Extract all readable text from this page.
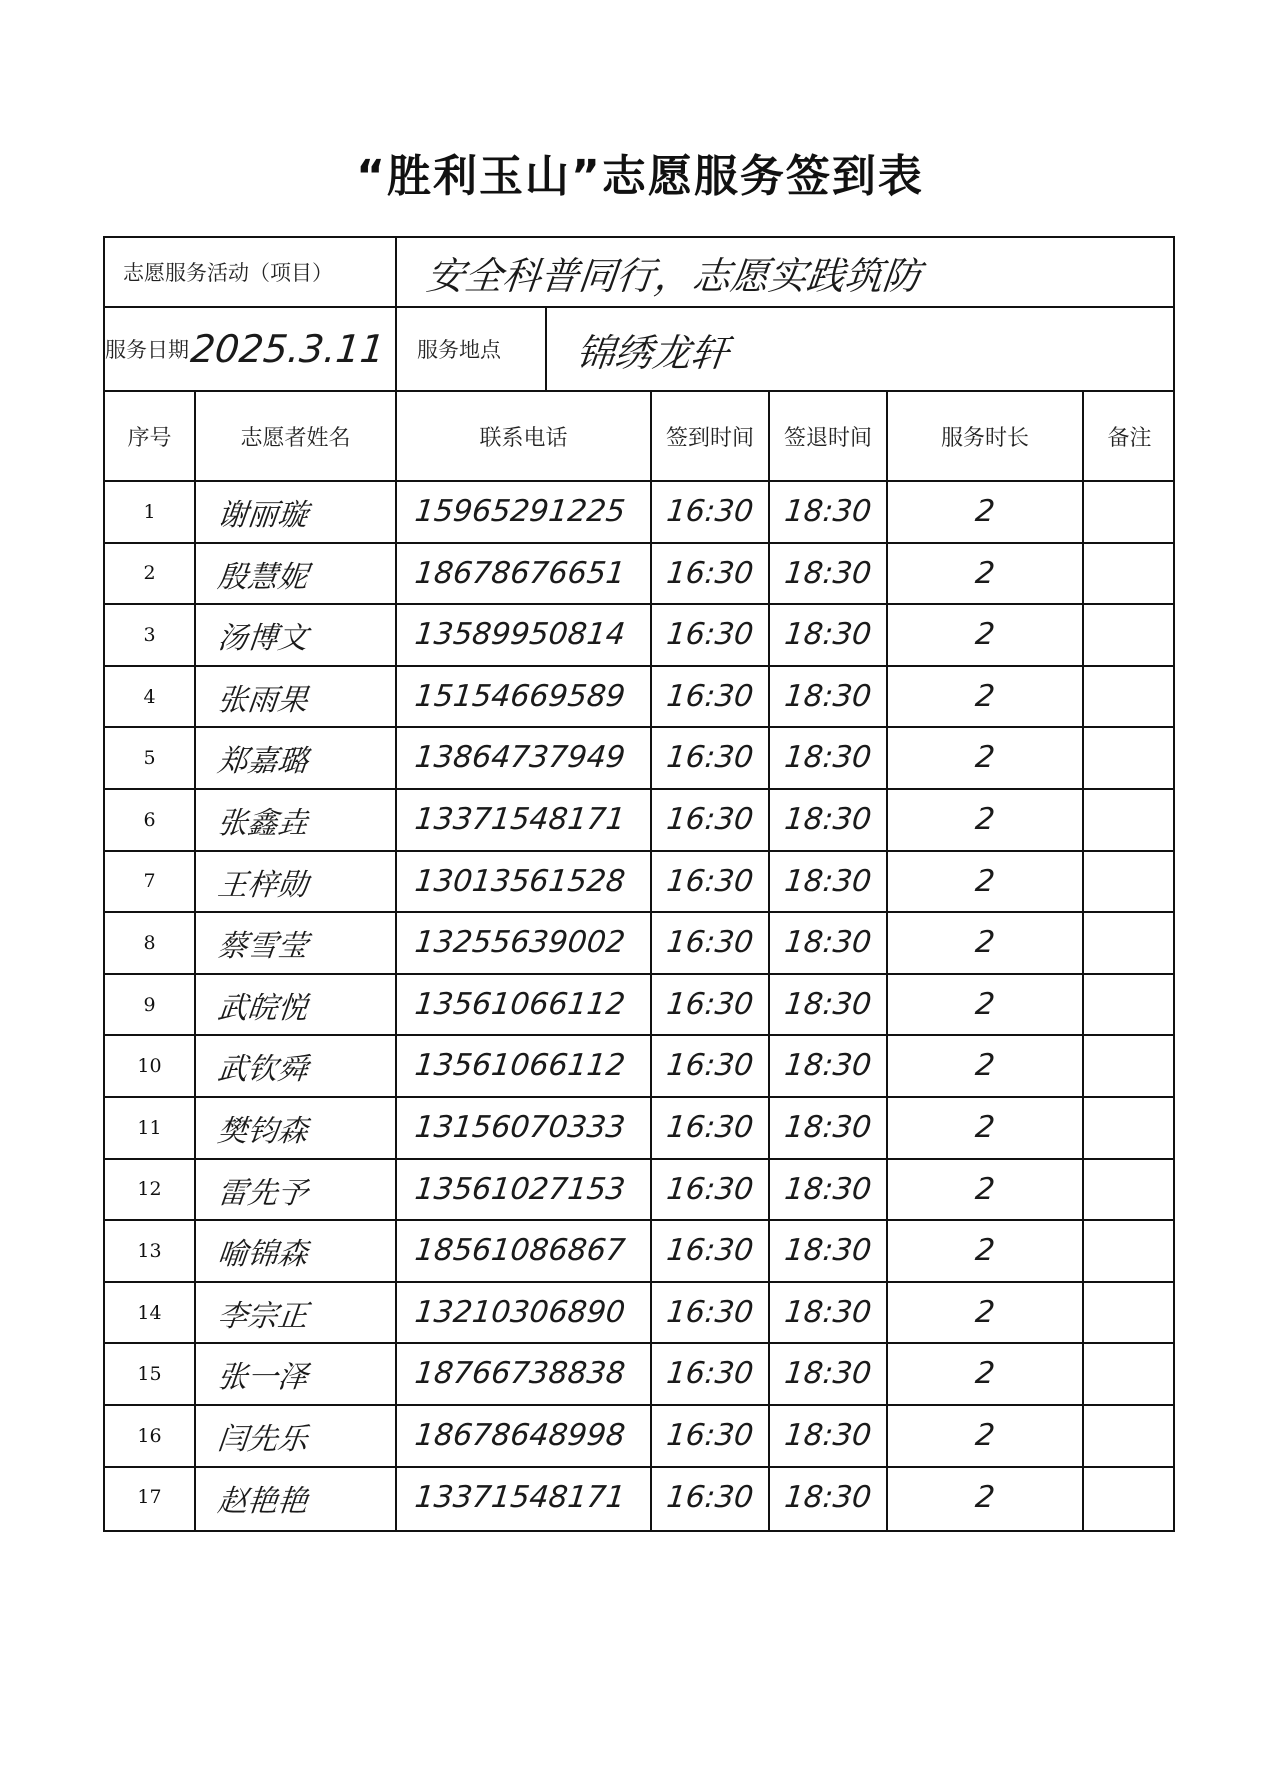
“胜利玉山”志愿服务签到表
志愿服务活动（项目）	安全科普同行，志愿实践筑防
服务日期 2025.3.11	服务地点	锦绣龙轩
序号	志愿者姓名	联系电话	签到时间	签退时间	服务时长	备注
1	谢丽璇	15965291225	16:30 18:30	2
2	殷慧妮	18678676651	16:30 18:30	2
3	汤博文	13589950814	16:30 18:30	2
4	张雨果	15154669589	16:30 18:30	2
5	郑嘉璐	13864737949	16:30 18:30	2
6	张鑫垚	13371548171	16:30 18:30	2
7	王梓勋	13013561528	16:30 18:30	2
8	蔡雪莹	13255639002	16:30 18:30	2
9	武皖悦	13561066112	16:30 18:30	2
10	武钦舜	13561066112	16:30 18:30	2
11	樊钧森	13156070333	16:30 18:30	2
12	雷先予	13561027153	16:30 18:30	2
13	喻锦森	18561086867	16:30 18:30	2
14	李宗正	13210306890	16:30 18:30	2
15	张一泽	18766738838	16:30 18:30	2
16	闫先乐	18678648998	16:30 18:30	2
17	赵艳艳	13371548171	16:30 18:30	2
